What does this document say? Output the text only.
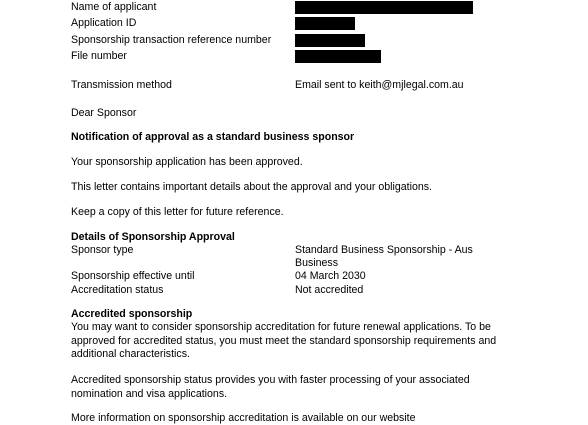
Name of applicant
Application ID
Sponsorship transaction reference number
File number
Transmission method	Email sent to keith@mjlegal.com.au
Dear Sponsor
Notification of approval as a standard business sponsor
Your sponsorship application has been approved.
This letter contains important details about the approval and your obligations.
Keep a copy of this letter for future reference.
Details of Sponsorship Approval
Sponsor type	Standard Business Sponsorship - Aus Business
Sponsorship effective until	04 March 2030
Accreditation status	Not accredited
Accredited sponsorship
You may want to consider sponsorship accreditation for future renewal applications. To be approved for accredited status, you must meet the standard sponsorship requirements and additional characteristics.
Accredited sponsorship status provides you with faster processing of your associated nomination and visa applications.
More information on sponsorship accreditation is available on our website
